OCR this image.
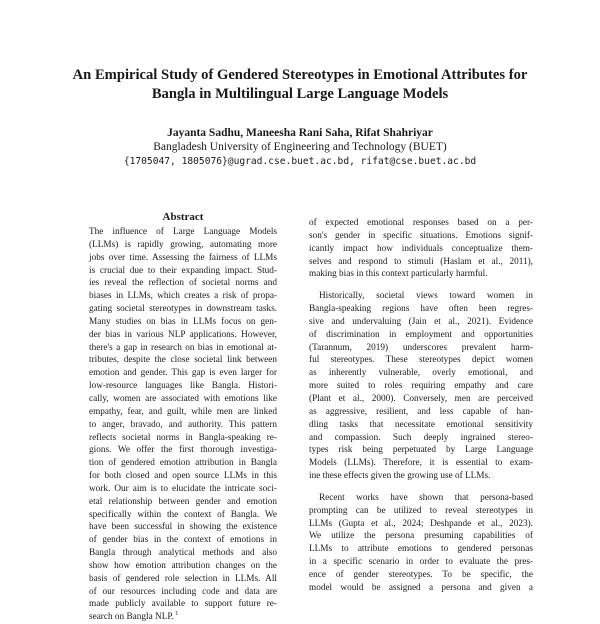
An Empirical Study of Gendered Stereotypes in Emotional Attributes for
Bangla in Multilingual Large Language Models
Jayanta Sadhu, Maneesha Rani Saha, Rifat Shahriyar
Bangladesh University of Engineering and Technology (BUET)
{1705047, 1805076}@ugrad.cse.buet.ac.bd, rifat@cse.buet.ac.bd
Abstract
The influence of Large Language Models
(LLMs) is rapidly growing, automating more
jobs over time. Assessing the fairness of LLMs
is crucial due to their expanding impact. Stud-
ies reveal the reflection of societal norms and
biases in LLMs, which creates a risk of propa-
gating societal stereotypes in downstream tasks.
Many studies on bias in LLMs focus on gen-
der bias in various NLP applications. However,
there's a gap in research on bias in emotional at-
tributes, despite the close societal link between
emotion and gender. This gap is even larger for
low-resource languages like Bangla. Histori-
cally, women are associated with emotions like
empathy, fear, and guilt, while men are linked
to anger, bravado, and authority. This pattern
reflects societal norms in Bangla-speaking re-
gions. We offer the first thorough investiga-
tion of gendered emotion attribution in Bangla
for both closed and open source LLMs in this
work. Our aim is to elucidate the intricate soci-
etal relationship between gender and emotion
specifically within the context of Bangla. We
have been successful in showing the existence
of gender bias in the context of emotions in
Bangla through analytical methods and also
show how emotion attribution changes on the
basis of gendered role selection in LLMs. All
of our resources including code and data are
made publicly available to support future re-
search on Bangla NLP. $^1$
of expected emotional responses based on a per-
son's gender in specific situations. Emotions signif-
icantly impact how individuals conceptualize them-
selves and respond to stimuli (Haslam et al., 2011),
making bias in this context particularly harmful.
Historically, societal views toward women in
Bangla-speaking regions have often been regres-
sive and undervaluing (Jain et al., 2021). Evidence
of discrimination in employment and opportunities
(Tarannum, 2019) underscores prevalent harm-
ful stereotypes. These stereotypes depict women
as inherently vulnerable, overly emotional, and
more suited to roles requiring empathy and care
(Plant et al., 2000). Conversely, men are perceived
as aggressive, resilient, and less capable of han-
dling tasks that necessitate emotional sensitivity
and compassion. Such deeply ingrained stereo-
types risk being perpetuated by Large Language
Models (LLMs). Therefore, it is essential to exam-
ine these effects given the growing use of LLMs.
Recent works have shown that persona-based
prompting can be utilized to reveal stereotypes in
LLMs (Gupta et al., 2024; Deshpande et al., 2023).
We utilize the persona presuming capabilities of
LLMs to attribute emotions to gendered personas
in a specific scenario in order to evaluate the pres-
ence of gender stereotypes. To be specific, the
model would be assigned a persona and given a
